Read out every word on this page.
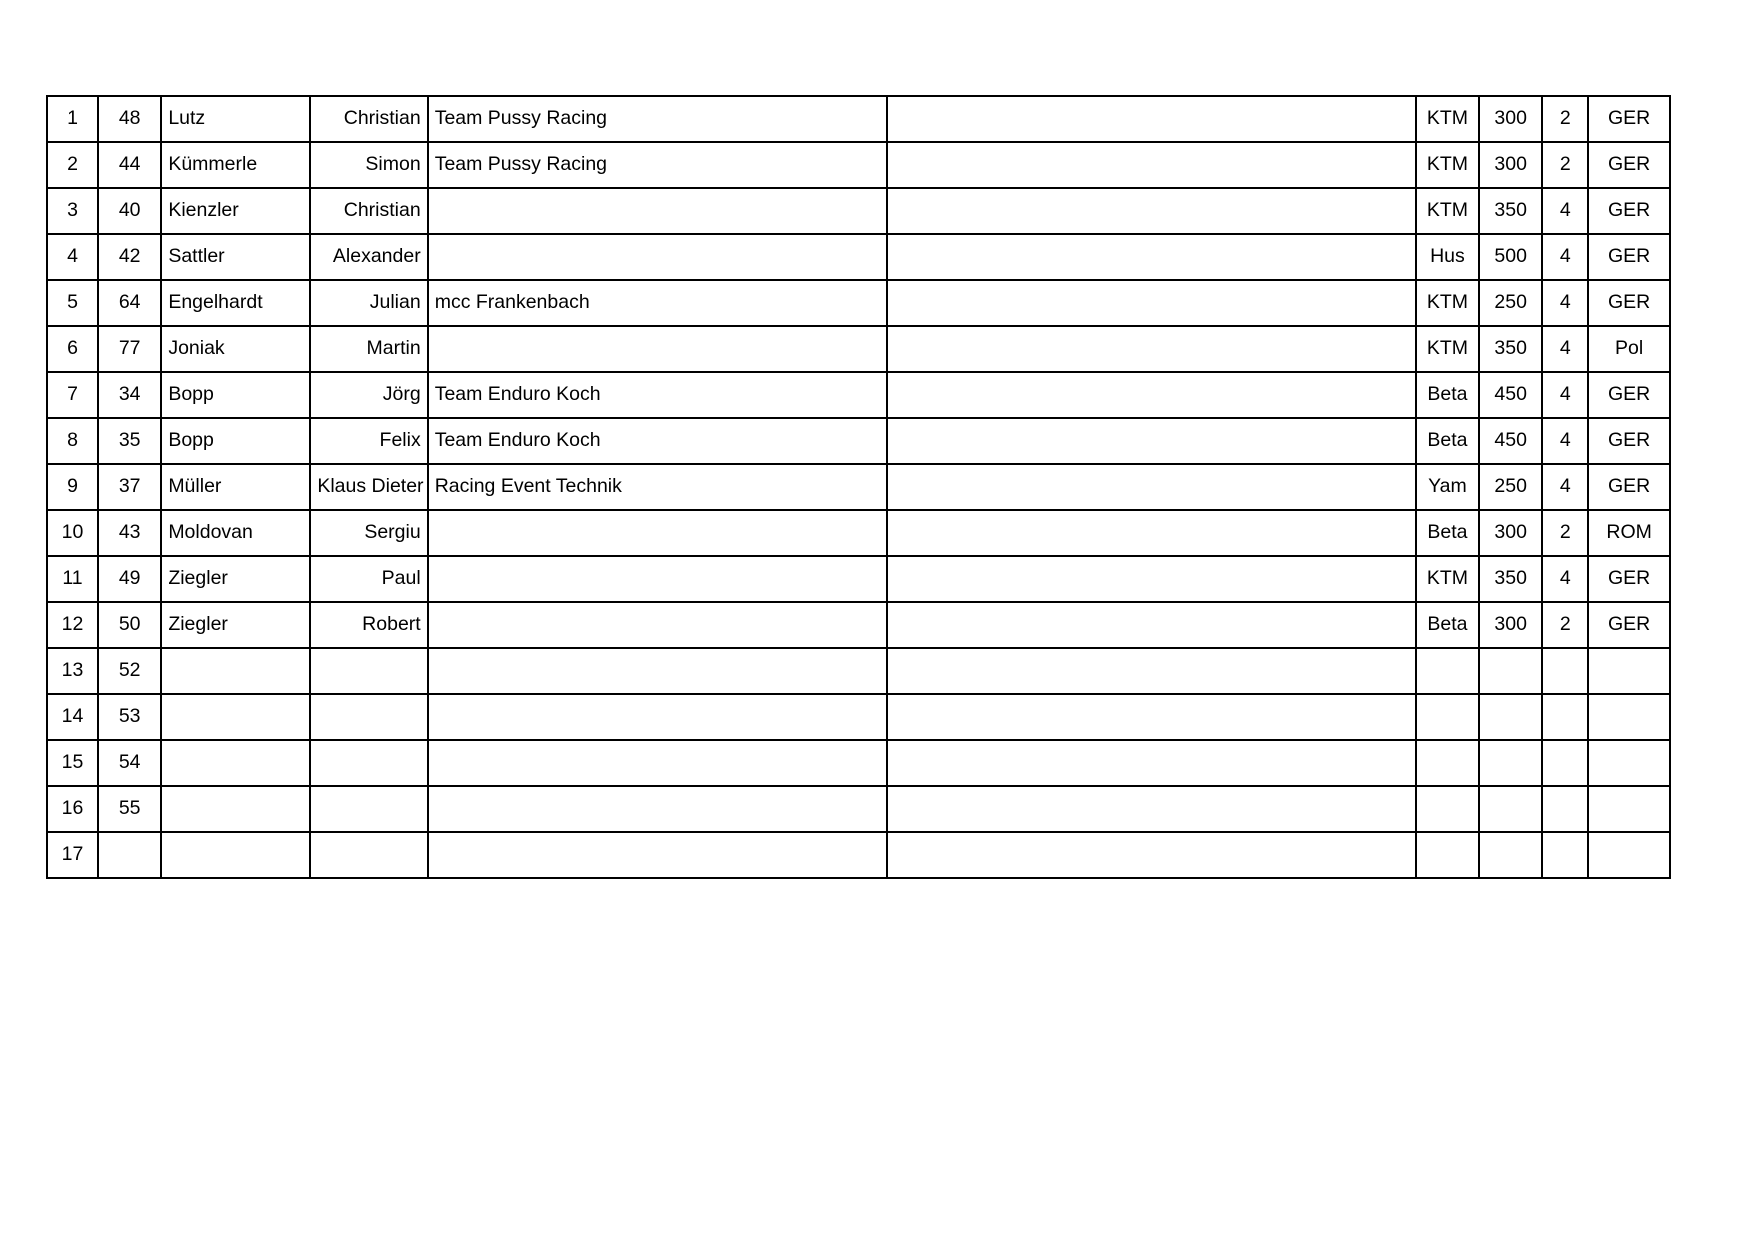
1	48	Lutz	Christian	Team Pussy Racing		KTM	300	2	GER
2	44	Kümmerle	Simon	Team Pussy Racing		KTM	300	2	GER
3	40	Kienzler	Christian			KTM	350	4	GER
4	42	Sattler	Alexander			Hus	500	4	GER
5	64	Engelhardt	Julian	mcc Frankenbach		KTM	250	4	GER
6	77	Joniak	Martin			KTM	350	4	Pol
7	34	Bopp	Jörg	Team Enduro Koch		Beta	450	4	GER
8	35	Bopp	Felix	Team Enduro Koch		Beta	450	4	GER
9	37	Müller	Klaus Dieter	Racing Event Technik		Yam	250	4	GER
10	43	Moldovan	Sergiu			Beta	300	2	ROM
11	49	Ziegler	Paul			KTM	350	4	GER
12	50	Ziegler	Robert			Beta	300	2	GER
13	52								
14	53								
15	54								
16	55								
17									
